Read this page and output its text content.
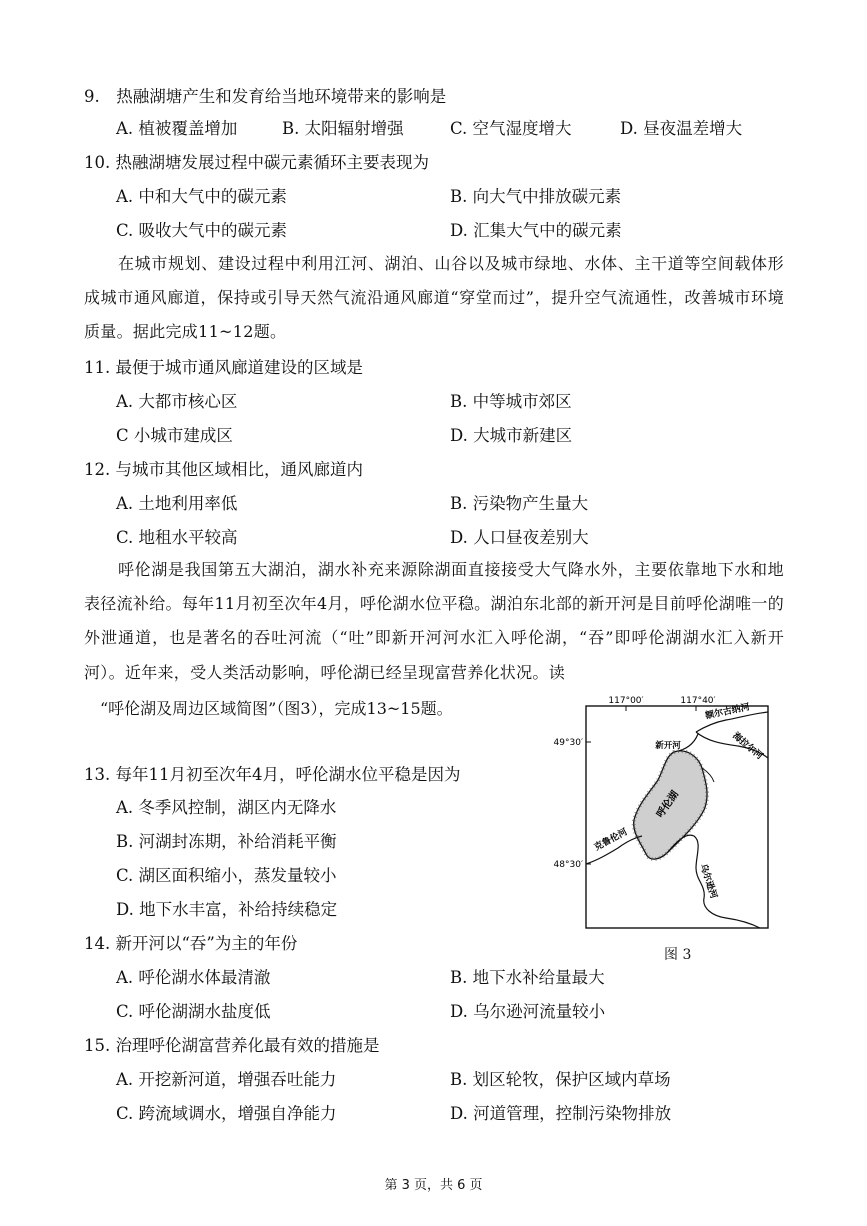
9.　热融湖塘产生和发育给当地环境带来的影响是
A. 植被覆盖增加	B. 太阳辐射增强	C. 空气湿度增大	D. 昼夜温差增大
10. 热融湖塘发展过程中碳元素循环主要表现为
A. 中和大气中的碳元素	B. 向大气中排放碳元素
C. 吸收大气中的碳元素	D. 汇集大气中的碳元素
在城市规划、建设过程中利用江河、湖泊、山谷以及城市绿地、水体、主干道等空间载体形成城市通风廊道，保持或引导天然气流沿通风廊道“穿堂而过”，提升空气流通性，改善城市环境质量。据此完成11~12题。
11. 最便于城市通风廊道建设的区域是
A. 大都市核心区	B. 中等城市郊区
C 小城市建成区	D. 大城市新建区
12. 与城市其他区域相比，通风廊道内
A. 土地利用率低	B. 污染物产生量大
C. 地租水平较高	D. 人口昼夜差别大
呼伦湖是我国第五大湖泊，湖水补充来源除湖面直接接受大气降水外，主要依靠地下水和地表径流补给。每年11月初至次年4月，呼伦湖水位平稳。湖泊东北部的新开河是目前呼伦湖唯一的外泄通道，也是著名的吞吐河流（“吐”即新开河河水汇入呼伦湖，“吞”即呼伦湖湖水汇入新开河）。近年来，受人类活动影响，呼伦湖已经呈现富营养化状况。读
“呼伦湖及周边区域简图”（图3），完成13~15题。	117°00′	117°40′
49°30′
48°30′
额尔古纳河
海拉尔河
新开河
克鲁伦河
乌尔逊河
呼伦湖
图 3
13. 每年11月初至次年4月，呼伦湖水位平稳是因为
A. 冬季风控制，湖区内无降水
B. 河湖封冻期，补给消耗平衡
C. 湖区面积缩小，蒸发量较小
D. 地下水丰富，补给持续稳定
14. 新开河以“吞”为主的年份
A. 呼伦湖水体最清澈	B. 地下水补给量最大
C. 呼伦湖湖水盐度低	D. 乌尔逊河流量较小
15. 治理呼伦湖富营养化最有效的措施是
A. 开挖新河道，增强吞吐能力	B. 划区轮牧，保护区域内草场
C. 跨流域调水，增强自净能力	D. 河道管理，控制污染物排放
第 3 页，共 6 页
